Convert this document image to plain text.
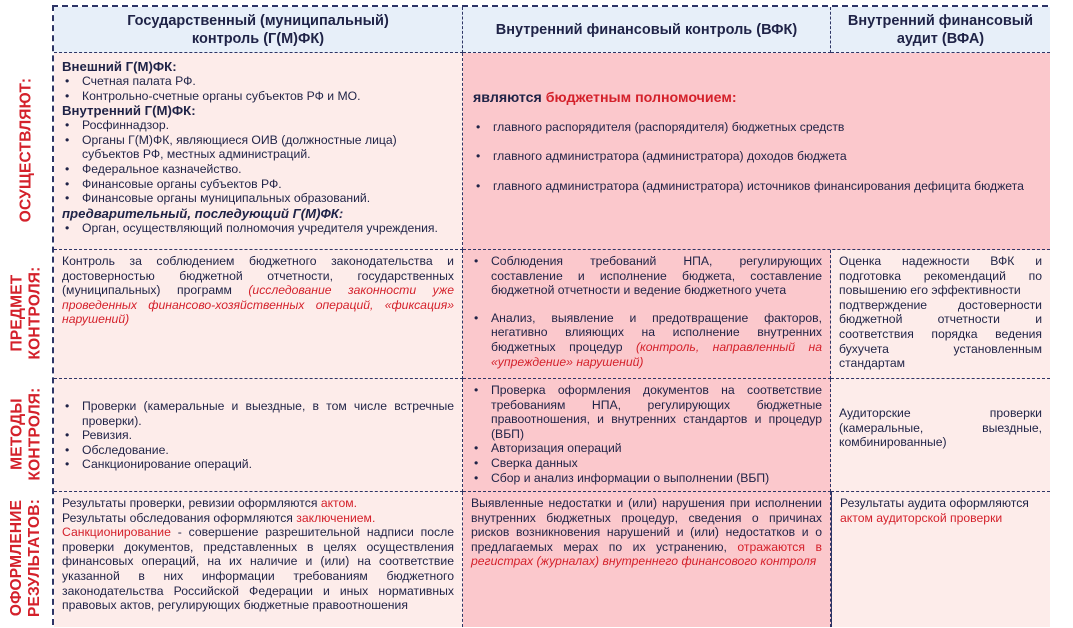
ОСУЩЕСТВЛЯЮТ:
ПРЕДМЕТ КОНТРОЛЯ:
МЕТОДЫ КОНТРОЛЯ:
ОФОРМЛЕНИЕ РЕЗУЛЬТАТОВ:
Государственный (муниципальный)
контроль (Г(М)ФК)
Внутренний финансовый контроль (ВФК)
Внутренний финансовый
аудит (ВФА)
Внешний Г(М)ФК:
• Счетная палата РФ.
• Контрольно-счетные органы субъектов РФ и МО.
Внутренний Г(М)ФК:
• Росфиннадзор.
• Органы Г(М)ФК, являющиеся ОИВ (должностные лица) субъектов РФ, местных администраций.
• Федеральное казначейство.
• Финансовые органы субъектов РФ.
• Финансовые органы муниципальных образований.
предварительный, последующий Г(М)ФК:
• Орган, осуществляющий полномочия учредителя учреждения.
являются бюджетным полномочием:
• главного распорядителя (распорядителя) бюджетных средств
• главного администратора (администратора) доходов бюджета
• главного администратора (администратора) источников финансирования дефицита бюджета
Контроль за соблюдением бюджетного законодательства и достоверностью бюджетной отчетности, государственных (муниципальных) программ (исследование законности уже проведенных финансово-хозяйственных операций, «фиксация» нарушений)
• Соблюдения требований НПА, регулирующих составление и исполнение бюджета, составление бюджетной отчетности и ведение бюджетного учета
• Анализ, выявление и предотвращение факторов, негативно влияющих на исполнение внутренних бюджетных процедур (контроль, направленный на «упреждение» нарушений)
Оценка надежности ВФК и подготовка рекомендаций по повышению его эффективности
подтверждение достоверности бюджетной отчетности и соответствия порядка ведения бухучета установленным стандартам
• Проверки (камеральные и выездные, в том числе встречные проверки).
• Ревизия.
• Обследование.
• Санкционирование операций.
• Проверка оформления документов на соответствие требованиям НПА, регулирующих бюджетные правоотношения, и внутренних стандартов и процедур (ВБП)
• Авторизация операций
• Сверка данных
• Сбор и анализ информации о выполнении (ВБП)
Аудиторские проверки (камеральные, выездные, комбинированные)
Результаты проверки, ревизии оформляются актом.
Результаты обследования оформляются заключением.
Санкционирование - совершение разрешительной надписи после проверки документов, представленных в целях осуществления финансовых операций, на их наличие и (или) на соответствие указанной в них информации требованиям бюджетного законодательства Российской Федерации и иных нормативных правовых актов, регулирующих бюджетные правоотношения
Выявленные недостатки и (или) нарушения при исполнении внутренних бюджетных процедур, сведения о причинах рисков возникновения нарушений и (или) недостатков и о предлагаемых мерах по их устранению, отражаются в регистрах (журналах) внутреннего финансового контроля
Результаты аудита оформляются актом аудиторской проверки
